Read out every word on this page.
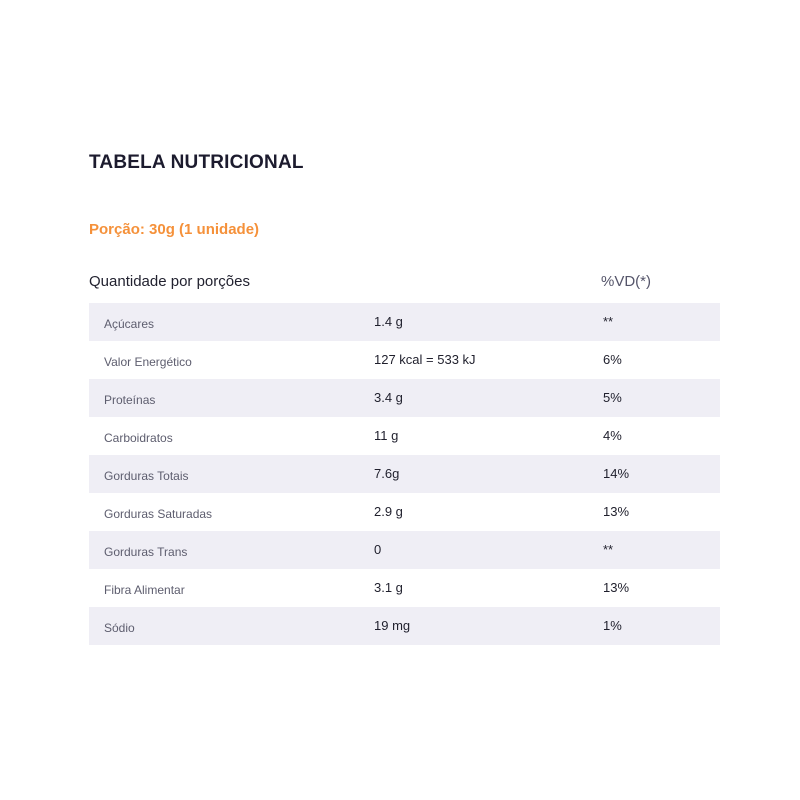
TABELA NUTRICIONAL
Porção: 30g (1 unidade)
Quantidade por porções	%VD(*)
Açúcares	1.4 g	**
Valor Energético	127 kcal = 533 kJ	6%
Proteínas	3.4 g	5%
Carboidratos	11 g	4%
Gorduras Totais	7.6g	14%
Gorduras Saturadas	2.9 g	13%
Gorduras Trans	0	**
Fibra Alimentar	3.1 g	13%
Sódio	19 mg	1%
